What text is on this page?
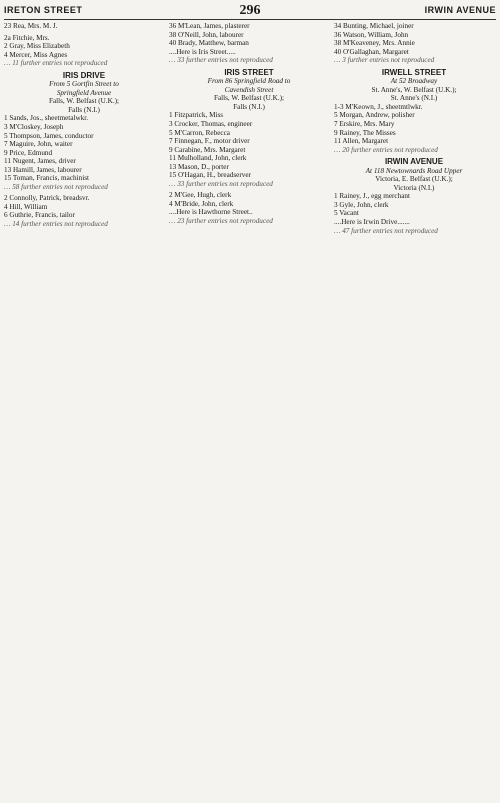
IRETON STREET	296	IRWIN AVENUE
23 Rea, Mrs. M. J.
2a Fitchie, Mrs.
2 Gray, Miss Elizabeth
4 Mercer, Miss Agnes
… 11 further entries not reproduced
IRIS DRIVE
From 5 Gortfin Street to
Springfield Avenue
Falls, W. Belfast (U.K.);
Falls (N.I.)
1 Sands, Jos., sheetmetalwkr.
3 M'Closkey, Joseph
5 Thompson, James, conductor
7 Maguire, John, waiter
9 Price, Edmund
11 Nugent, James, driver
13 Hamill, James, labourer
15 Toman, Francis, machinist
… 58 further entries not reproduced
2 Connolly, Patrick, breadsvr.
4 Hill, William
6 Guthrie, Francis, tailor
… 14 further entries not reproduced
36 M'Lean, James, plasterer
38 O'Neill, John, labourer
40 Brady, Matthew, barman
....Here is Iris Street.....
… 33 further entries not reproduced
IRIS STREET
From 86 Springfield Road to
Cavendish Street
Falls, W. Belfast (U.K.);
Falls (N.I.)
1 Fitzpatrick, Miss
3 Crocker, Thomas, engineer
5 M'Carron, Rebecca
7 Finnegan, F., motor driver
9 Carabine, Mrs. Margaret
11 Mulholland, John, clerk
13 Mason, D., porter
15 O'Hagan, H., breadserver
… 33 further entries not reproduced
2 M'Gee, Hugh, clerk
4 M'Bride, John, clerk
....Here is Hawthorne Street..
… 23 further entries not reproduced
34 Bunting, Michael, joiner
36 Watson, William, John
38 M'Keaveney, Mrs. Annie
40 O'Gallaghan, Margaret
… 3 further entries not reproduced
IRWELL STREET
At 52 Broadway
St. Anne's, W. Belfast (U.K.);
St. Anne's (N.I.)
1-3 M'Keown, J., sheetmtlwkr.
5 Morgan, Andrew, polisher
7 Erskire, Mrs. Mary
9 Rainey, The Misses
11 Allen, Margaret
… 20 further entries not reproduced
IRWIN AVENUE
At 118 Newtownards Road Upper
Victoria, E. Belfast (U.K.);
Victoria (N.I.)
1 Rainey, J., egg merchant
3 Gyle, John, clerk
5 Vacant
....Here is Irwin Drive.......
… 47 further entries not reproduced
